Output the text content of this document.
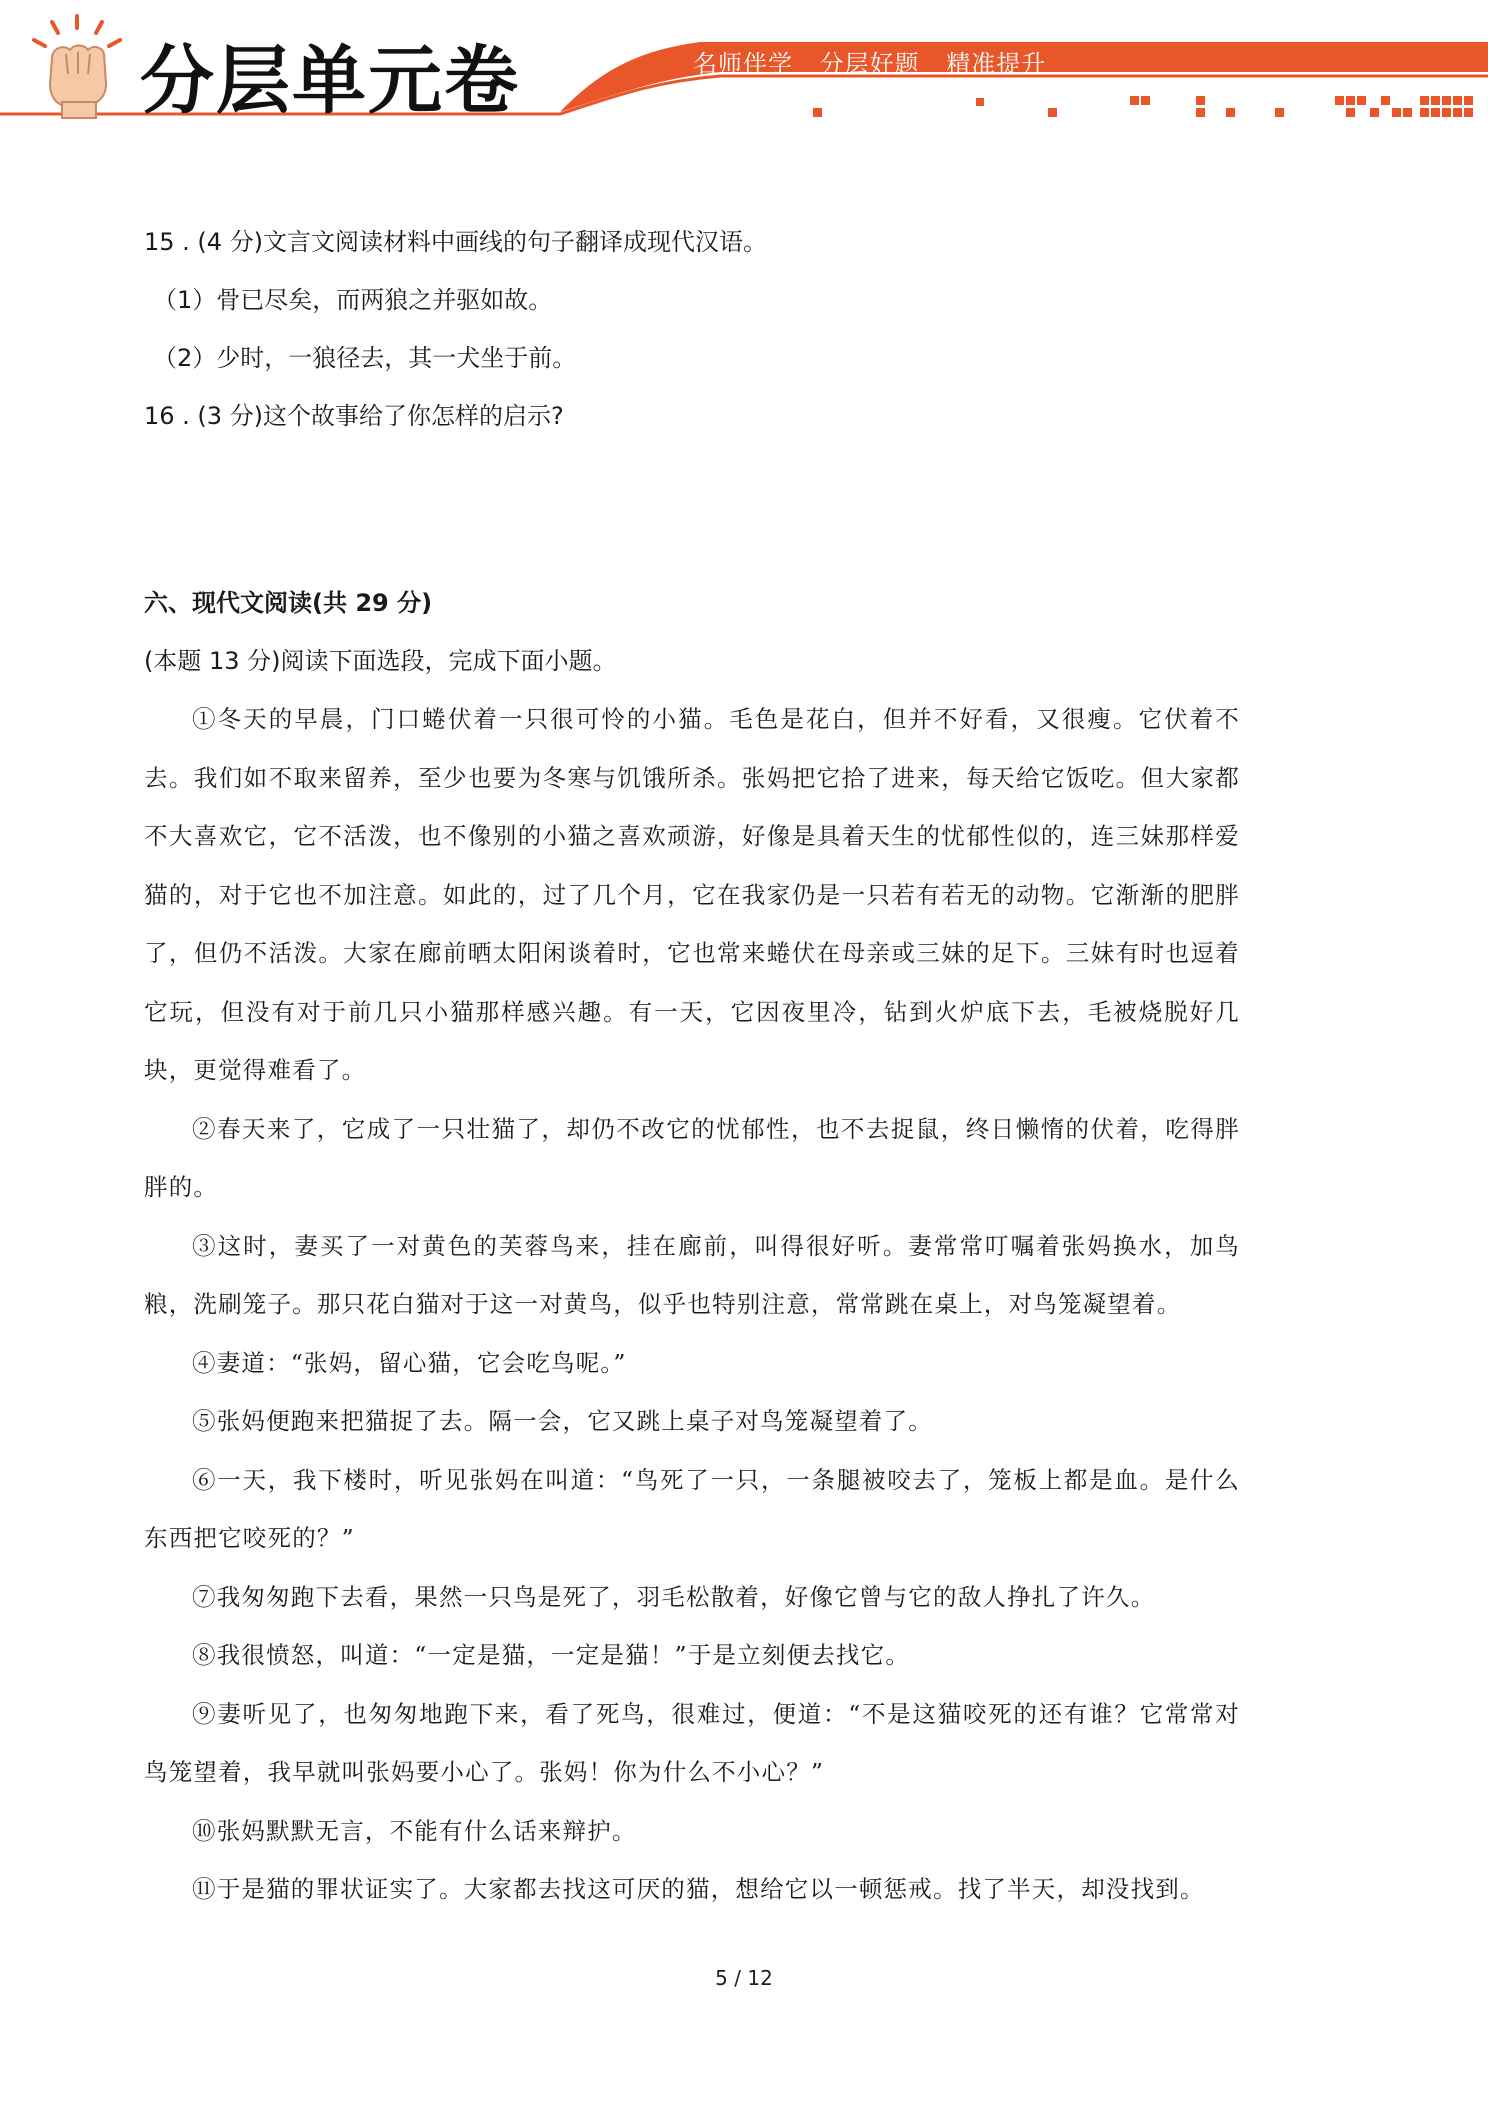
分层单元卷	名师伴学 分层好题 精准提升

15 . (4 分)文言文阅读材料中画线的句子翻译成现代汉语。

（1）骨已尽矣，而两狼之并驱如故。

（2）少时，一狼径去，其一犬坐于前。

16 . (3 分)这个故事给了你怎样的启示?

六、现代文阅读(共 29 分)

(本题 13 分)阅读下面选段，完成下面小题。

①冬天的早晨，门口蜷伏着一只很可怜的小猫。毛色是花白，但并不好看，又很瘦。它伏着不去。我们如不取来留养，至少也要为冬寒与饥饿所杀。张妈把它拾了进来，每天给它饭吃。但大家都不大喜欢它，它不活泼，也不像别的小猫之喜欢顽游，好像是具着天生的忧郁性似的，连三妹那样爱猫的，对于它也不加注意。如此的，过了几个月，它在我家仍是一只若有若无的动物。它渐渐的肥胖了，但仍不活泼。大家在廊前晒太阳闲谈着时，它也常来蜷伏在母亲或三妹的足下。三妹有时也逗着它玩，但没有对于前几只小猫那样感兴趣。有一天，它因夜里冷，钻到火炉底下去，毛被烧脱好几块，更觉得难看了。

②春天来了，它成了一只壮猫了，却仍不改它的忧郁性，也不去捉鼠，终日懒惰的伏着，吃得胖胖的。

③这时，妻买了一对黄色的芙蓉鸟来，挂在廊前，叫得很好听。妻常常叮嘱着张妈换水，加鸟粮，洗刷笼子。那只花白猫对于这一对黄鸟，似乎也特别注意，常常跳在桌上，对鸟笼凝望着。

④妻道：“张妈，留心猫，它会吃鸟呢。”

⑤张妈便跑来把猫捉了去。隔一会，它又跳上桌子对鸟笼凝望着了。

⑥一天，我下楼时，听见张妈在叫道：“鸟死了一只，一条腿被咬去了，笼板上都是血。是什么东西把它咬死的？”

⑦我匆匆跑下去看，果然一只鸟是死了，羽毛松散着，好像它曾与它的敌人挣扎了许久。

⑧我很愤怒，叫道：“一定是猫，一定是猫！”于是立刻便去找它。

⑨妻听见了，也匆匆地跑下来，看了死鸟，很难过，便道：“不是这猫咬死的还有谁？它常常对鸟笼望着，我早就叫张妈要小心了。张妈！你为什么不小心？”

⑩张妈默默无言，不能有什么话来辩护。

⑪于是猫的罪状证实了。大家都去找这可厌的猫，想给它以一顿惩戒。找了半天，却没找到。

5 / 12
